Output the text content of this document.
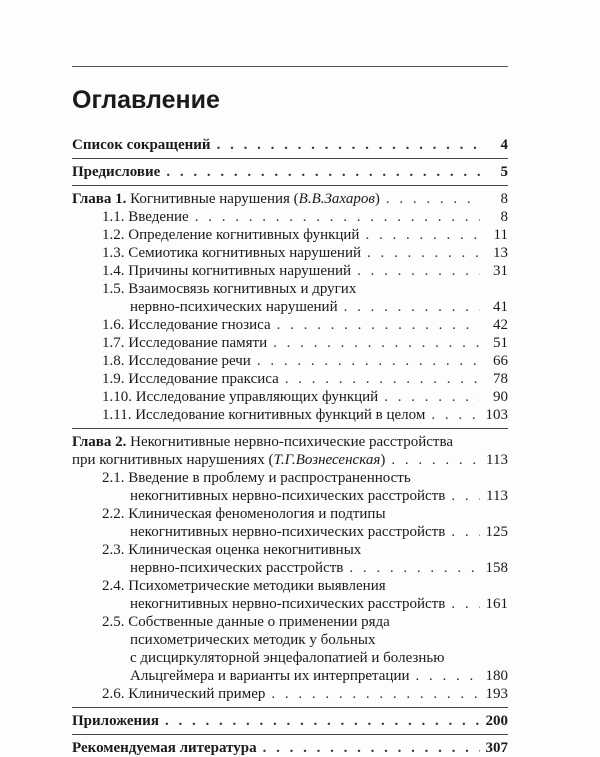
Оглавление
Список сокращений . . .	4
Предисловие . . .	5
Глава 1. Когнитивные нарушения (В.В.Захаров) . . .	8
1.1. Введение . . .	8
1.2. Определение когнитивных функций . . .	11
1.3. Семиотика когнитивных нарушений . . .	13
1.4. Причины когнитивных нарушений . . .	31
1.5. Взаимосвязь когнитивных и других
нервно-психических нарушений . . .	41
1.6. Исследование гнозиса . . .	42
1.7. Исследование памяти . . .	51
1.8. Исследование речи . . .	66
1.9. Исследование праксиса . . .	78
1.10. Исследование управляющих функций . . .	90
1.11. Исследование когнитивных функций в целом . . .	103
Глава 2. Некогнитивные нервно-психические расстройства
при когнитивных нарушениях (Т.Г.Вознесенская) . . .	113
2.1. Введение в проблему и распространенность
некогнитивных нервно-психических расстройств . . .	113
2.2. Клиническая феноменология и подтипы
некогнитивных нервно-психических расстройств . . .	125
2.3. Клиническая оценка некогнитивных
нервно-психических расстройств . . .	158
2.4. Психометрические методики выявления
некогнитивных нервно-психических расстройств . . .	161
2.5. Собственные данные о применении ряда
психометрических методик у больных
с дисциркуляторной энцефалопатией и болезнью
Альцгеймера и варианты их интерпретации . . .	180
2.6. Клинический пример . . .	193
Приложения . . .	200
Рекомендуемая литература . . .	307
